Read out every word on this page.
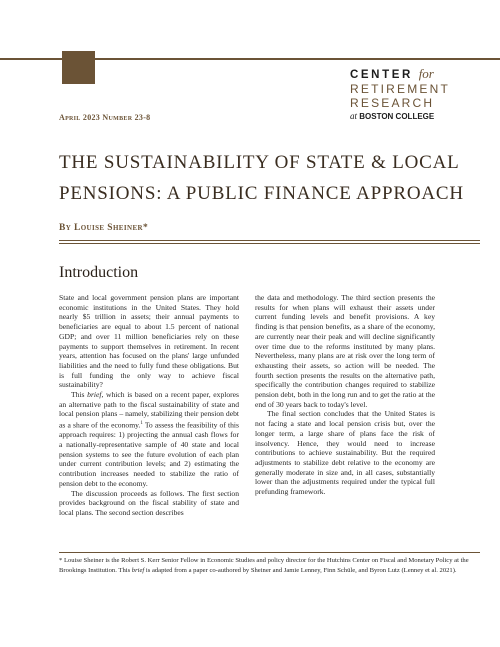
CENTER for
RETIREMENT
RESEARCH
at BOSTON COLLEGE
April 2023 Number 23-8
THE SUSTAINABILITY OF STATE & LOCAL
PENSIONS: A PUBLIC FINANCE APPROACH
By Louise Sheiner*
Introduction

State and local government pension plans are important economic institutions in the United States. They hold nearly $5 trillion in assets; their annual payments to beneficiaries are equal to about 1.5 percent of national GDP; and over 11 million beneficiaries rely on these payments to support themselves in retirement. In recent years, attention has focused on the plans' large unfunded liabilities and the need to fully fund these obligations. But is full funding the only way to achieve fiscal sustainability?

This brief, which is based on a recent paper, explores an alternative path to the fiscal sustainability of state and local pension plans – namely, stabilizing their pension debt as a share of the economy.$^1$ To assess the feasibility of this approach requires: 1) projecting the annual cash flows for a nationally-representative sample of 40 state and local pension systems to see the future evolution of each plan under current contribution levels; and 2) estimating the contribution increases needed to stabilize the ratio of pension debt to the economy.

The discussion proceeds as follows. The first section provides background on the fiscal stability of state and local plans. The second section describes

the data and methodology. The third section presents the results for when plans will exhaust their assets under current funding levels and benefit provisions. A key finding is that pension benefits, as a share of the economy, are currently near their peak and will decline significantly over time due to the reforms instituted by many plans. Nevertheless, many plans are at risk over the long term of exhausting their assets, so action will be needed. The fourth section presents the results on the alternative path, specifically the contribution changes required to stabilize pension debt, both in the long run and to get the ratio at the end of 30 years back to today's level.

The final section concludes that the United States is not facing a state and local pension crisis but, over the longer term, a large share of plans face the risk of insolvency. Hence, they would need to increase contributions to achieve sustainability. But the required adjustments to stabilize debt relative to the economy are generally moderate in size and, in all cases, substantially lower than the adjustments required under the typical full prefunding framework.

* Louise Sheiner is the Robert S. Kerr Senior Fellow in Economic Studies and policy director for the Hutchins Center on Fiscal and Monetary Policy at the Brookings Institution. This brief is adapted from a paper co-authored by Sheiner and Jamie Lenney, Finn Schüle, and Byron Lutz (Lenney et al. 2021).
